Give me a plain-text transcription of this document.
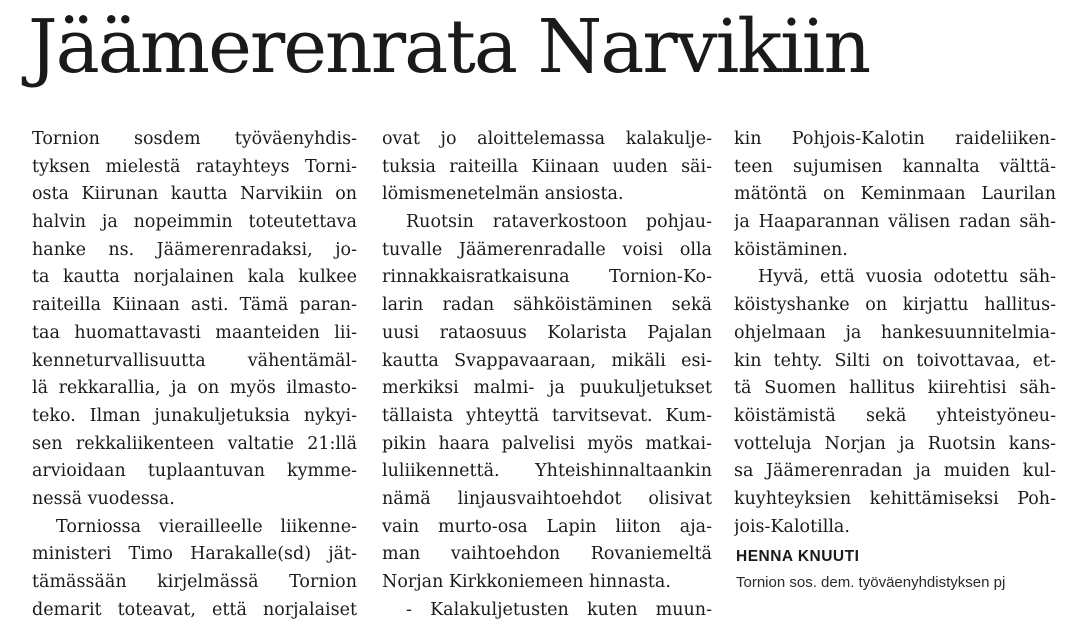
Jäämerenrata Narvikiin
Tornion sosdem työväenyhdis-
tyksen mielestä ratayhteys Torni-
osta Kiirunan kautta Narvikiin on
halvin ja nopeimmin toteutettava
hanke ns. Jäämerenradaksi, jo-
ta kautta norjalainen kala kulkee
raiteilla Kiinaan asti. Tämä paran-
taa huomattavasti maanteiden lii-
kenneturvallisuutta vähentämäl-
lä rekkarallia, ja on myös ilmasto-
teko. Ilman junakuljetuksia nykyi-
sen rekkaliikenteen valtatie 21:llä
arvioidaan tuplaantuvan kymme-
nessä vuodessa.
Torniossa vierailleelle liikenne-
ministeri Timo Harakalle(sd) jät-
tämässään kirjelmässä Tornion
demarit toteavat, että norjalaiset
ovat jo aloittelemassa kalakulje-
tuksia raiteilla Kiinaan uuden säi-
lömismenetelmän ansiosta.
Ruotsin rataverkostoon pohjau-
tuvalle Jäämerenradalle voisi olla
rinnakkaisratkaisuna Tornion-Ko-
larin radan sähköistäminen sekä
uusi rataosuus Kolarista Pajalan
kautta Svappavaaraan, mikäli esi-
merkiksi malmi- ja puukuljetukset
tällaista yhteyttä tarvitsevat. Kum-
pikin haara palvelisi myös matkai-
luliikennettä. Yhteishinnaltaankin
nämä linjausvaihtoehdot olisivat
vain murto-osa Lapin liiton aja-
man vaihtoehdon Rovaniemeltä
Norjan Kirkkoniemeen hinnasta.
- Kalakuljetusten kuten muun-
kin Pohjois-Kalotin raideliiken-
teen sujumisen kannalta välttä-
mätöntä on Keminmaan Laurilan
ja Haaparannan välisen radan säh-
köistäminen.
Hyvä, että vuosia odotettu säh-
köistyshanke on kirjattu hallitus-
ohjelmaan ja hankesuunnitelmia-
kin tehty. Silti on toivottavaa, et-
tä Suomen hallitus kiirehtisi säh-
köistämistä sekä yhteistyöneu-
votteluja Norjan ja Ruotsin kans-
sa Jäämerenradan ja muiden kul-
kuyhteyksien kehittämiseksi Poh-
jois-Kalotilla.
HENNA KNUUTI
Tornion sos. dem. työväenyhdistyksen pj
